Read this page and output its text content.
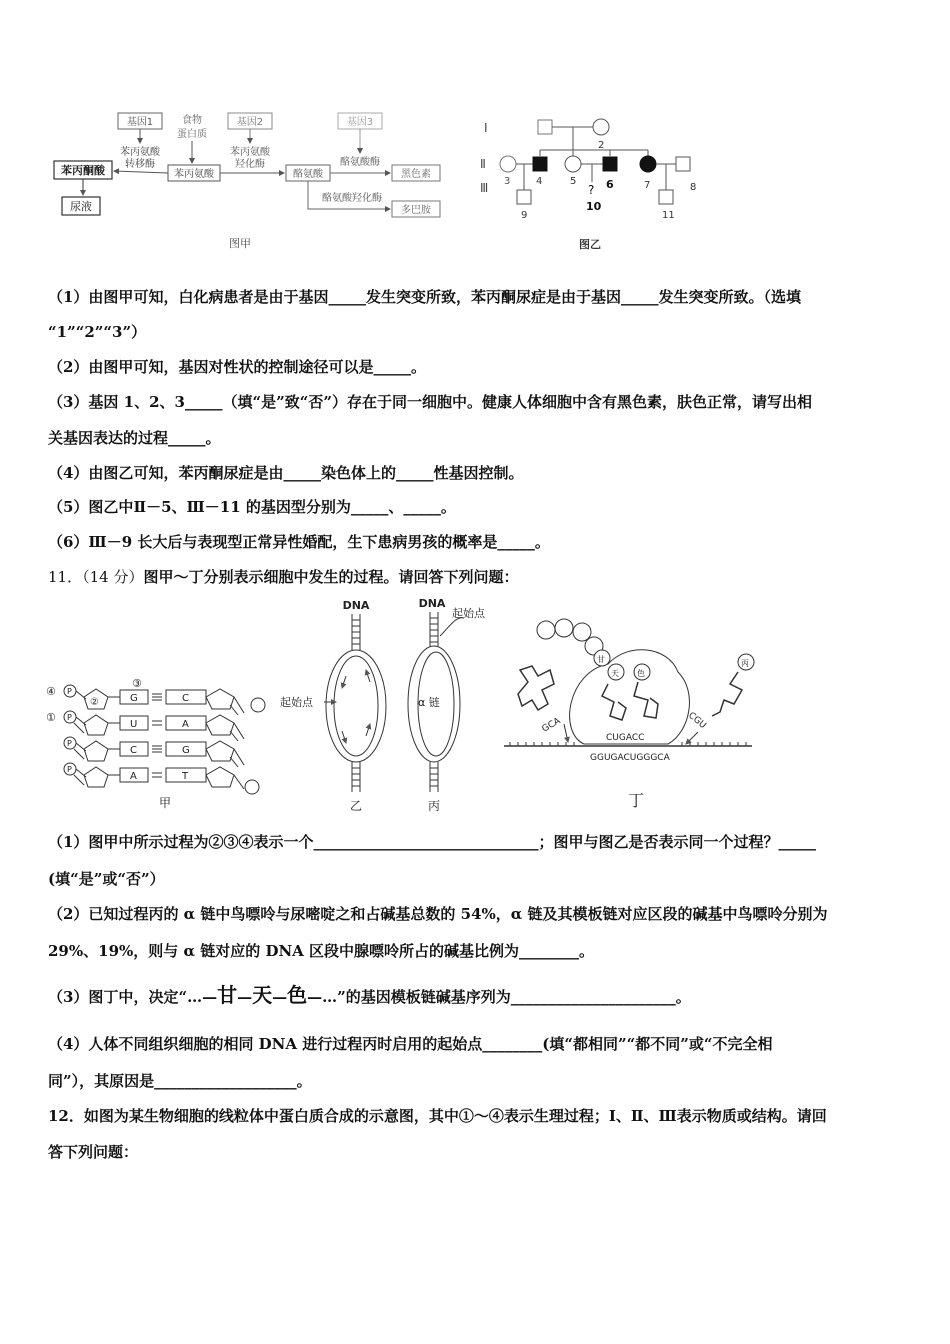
基因1	食物
蛋白质
基因2	基因3
苯丙氨酸
转移酶
苯丙氨酸
羟化酶	酪氨酸酶
苯丙酮酸	苯丙氨酸	酪氨酸	黑色素
尿液
酪氨酸羟化酶
多巴胺
图甲
Ⅰ
Ⅱ
Ⅲ
2
3	4	5	6	7	8
9
?
10
11
图乙
（1）由图甲可知，白化病患者是由于基因_____发生突变所致，苯丙酮尿症是由于基因_____发生突变所致。（选填
“1”“2”“3”）
（2）由图甲可知，基因对性状的控制途径可以是_____。
（3）基因 1、2、3_____（填“是”致“否”）存在于同一细胞中。健康人体细胞中含有黑色素，肤色正常，请写出相
关基因表达的过程_____。
（4）由图乙可知，苯丙酮尿症是由_____染色体上的_____性基因控制。
（5）图乙中Ⅱ－5、Ⅲ－11 的基因型分别为_____、_____。
（6）Ⅲ－9 长大后与表现型正常异性婚配，生下患病男孩的概率是_____。
11．（14 分）图甲～丁分别表示细胞中发生的过程。请回答下列问题：
③
④
①
P
P
P
P
②	G
U
C
A
C
A
G
T
甲
DNA
起始点
乙
DNA
起始点
α 链
丙
甘
天 色
丙
GCA	CGU
CUGACC
GGUGACUGGGCA
丁
（1）图甲中所示过程为②③④表示一个______________________________；图甲与图乙是否表示同一个过程？_____
(填“是”或“否”）
（2）已知过程丙的 α 链中鸟嘌呤与尿嘧啶之和占碱基总数的 54%，α 链及其模板链对应区段的碱基中鸟嘌呤分别为
29%、19%，则与 α 链对应的 DNA 区段中腺嘌呤所占的碱基比例为________。
（3）图丁中，决定“…—甘—天—色—…”的基因模板链碱基序列为______________________。
（4）人体不同组织细胞的相同 DNA 进行过程丙时启用的起始点________(填“都相同”“都不同”或“不完全相
同”），其原因是___________________。
12．如图为某生物细胞的线粒体中蛋白质合成的示意图，其中①～④表示生理过程；Ⅰ、Ⅱ、Ⅲ表示物质或结构。请回
答下列问题：
